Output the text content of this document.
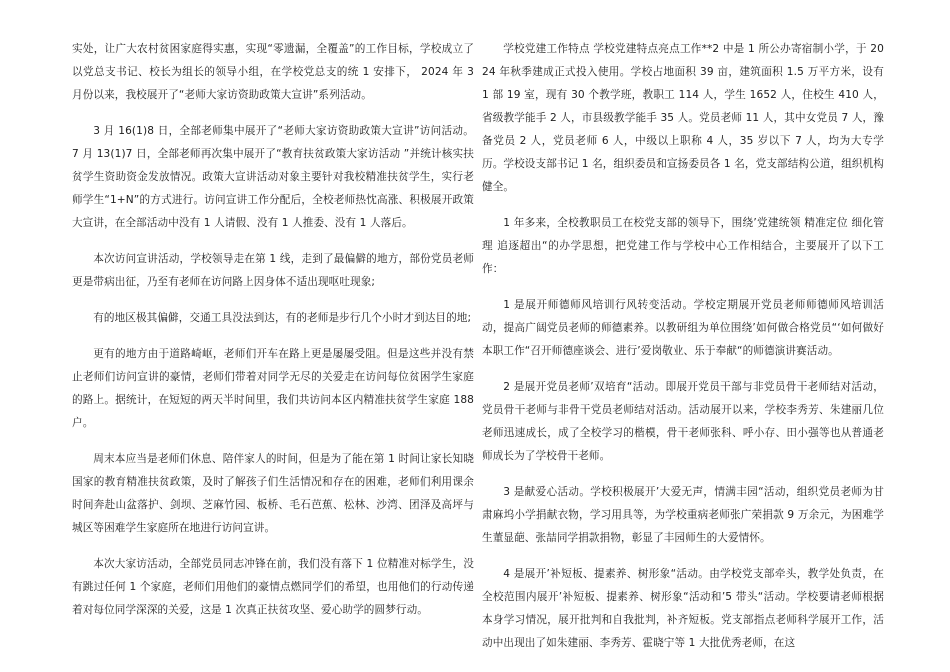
实处，让广大农村贫困家庭得实惠，实现“零遗漏，全覆盖”的工作目标，学校成立了以党总支书记、校长为组长的领导小组，在学校党总支的统 1 安排下， 2024 年 3 月份以来，我校展开了“老师大家访资助政策大宣讲”系列活动。

3 月 16(1)8 日，全部老师集中展开了“老师大家访资助政策大宣讲”访问活动。7 月 13(1)7 日，全部老师再次集中展开了“教育扶贫政策大家访活动 ”并统计核实扶贫学生资助资金发放情况。政策大宣讲活动对象主要针对我校精准扶贫学生，实行老师学生“1+N”的方式进行。访问宣讲工作分配后，全校老师热忱高涨、积极展开政策大宣讲，在全部活动中没有 1 人请假、没有 1 人推委、没有 1 人落后。

本次访问宣讲活动，学校领导走在第 1 线，走到了最偏僻的地方，部份党员老师更是带病出征，乃至有老师在访问路上因身体不适出现呕吐现象;

有的地区极其偏僻，交通工具没法到达，有的老师是步行几个小时才到达目的地;

更有的地方由于道路崎岖，老师们开车在路上更是屡屡受阻。但是这些并没有禁止老师们访问宣讲的豪情，老师们带着对同学无尽的关爱走在访问每位贫困学生家庭的路上。据统计，在短短的两天半时间里，我们共访问本区内精准扶贫学生家庭 188 户。

周末本应当是老师们休息、陪伴家人的时间，但是为了能在第 1 时间让家长知晓国家的教育精准扶贫政策，及时了解孩子们生活情况和存在的困难，老师们利用课余时间奔赴山盆落护、剑坝、芝麻竹园、板桥、毛石芭蕉、松林、沙湾、团泽及高坪与城区等困难学生家庭所在地进行访问宣讲。

本次大家访活动，全部党员同志冲锋在前，我们没有落下 1 位精准对标学生，没有跳过任何 1 个家庭，老师们用他们的豪情点燃同学们的希望，也用他们的行动传递着对每位同学深深的关爱，这是 1 次真正扶贫攻坚、爱心助学的圆梦行动。

学校党建工作特点 学校党建特点亮点工作**2 中是 1 所公办寄宿制小学，于 2024 年秋季建成正式投入使用。学校占地面积 39 亩，建筑面积 1.5 万平方米，设有 1 部 19 室，现有 30 个教学班，教职工 114 人，学生 1652 人，住校生 410 人，省级教学能手 2 人，市县级教学能手 35 人。党员老师 11 人，其中女党员 7 人，豫备党员 2 人，党员老师 6 人，中级以上职称 4 人，35 岁以下 7 人，均为大专学历。学校设支部书记 1 名，组织委员和宣扬委员各 1 名，党支部结构公道，组织机构健全。

1 年多来，全校教职员工在校党支部的领导下，围绕’党建统领 精准定位 细化管理 追逐超出“的办学思想，把党建工作与学校中心工作相结合，主要展开了以下工作：

1 是展开师德师风培训行风转变活动。学校定期展开党员老师师德师风培训活动，提高广阔党员老师的师德素养。以教研组为单位围绕’如何做合格党员“‘如何做好本职工作“召开师德座谈会、进行’爱岗敬业、乐于奉献“的师德演讲赛活动。

2 是展开党员老师’双培育“活动。即展开党员干部与非党员骨干老师结对活动，党员骨干老师与非骨干党员老师结对活动。活动展开以来，学校李秀芳、朱建丽几位老师迅速成长，成了全校学习的楷模，骨干老师张科、呼小存、田小强等也从普通老师成长为了学校骨干老师。

3 是献爱心活动。学校积极展开’大爱无声，情满丰园“活动，组织党员老师为甘肃麻坞小学捐献衣物，学习用具等，为学校重病老师张广荣捐款 9 万余元，为困难学生董显葩、张喆同学捐款捐物，彰显了丰园师生的大爱情怀。

4 是展开’补短板、提素养、树形象“活动。由学校党支部牵头，教学处负责，在全校范围内展开’补短板、提素养、树形象“活动和’5 带头“活动。学校要请老师根据本身学习情况，展开批判和自我批判，补齐短板。党支部指点老师科学展开工作，活动中出现出了如朱建丽、李秀芳、霍晓宁等 1 大批优秀老师，在这
